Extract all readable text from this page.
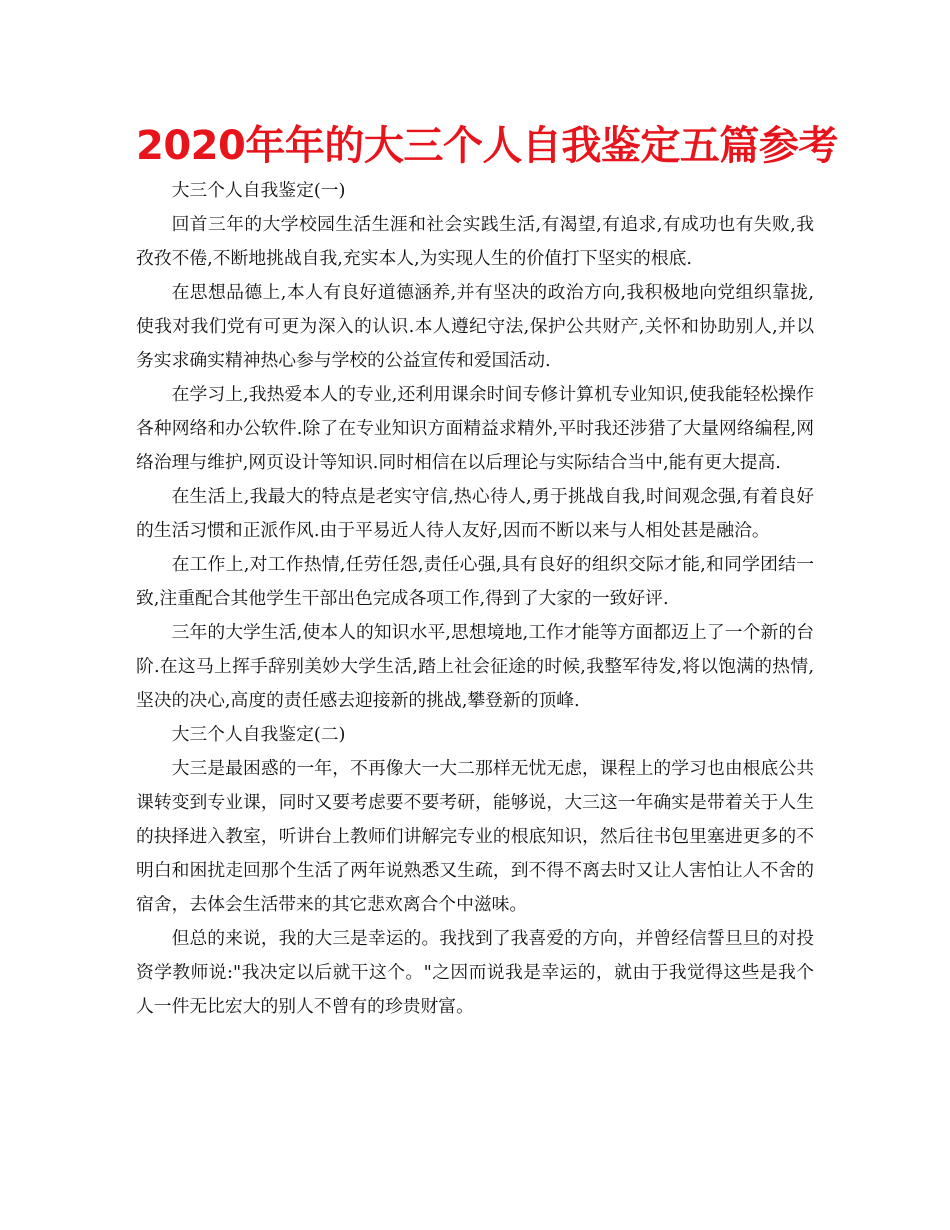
2020年年的大三个人自我鉴定五篇参考

大三个人自我鉴定(一)

回首三年的大学校园生活生涯和社会实践生活,有渴望,有追求,有成功也有失败,我孜孜不倦,不断地挑战自我,充实本人,为实现人生的价值打下坚实的根底.

在思想品德上,本人有良好道德涵养,并有坚决的政治方向,我积极地向党组织靠拢,使我对我们党有可更为深入的认识.本人遵纪守法,保护公共财产,关怀和协助别人,并以务实求确实精神热心参与学校的公益宣传和爱国活动.

在学习上,我热爱本人的专业,还利用课余时间专修计算机专业知识,使我能轻松操作各种网络和办公软件.除了在专业知识方面精益求精外,平时我还涉猎了大量网络编程,网络治理与维护,网页设计等知识.同时相信在以后理论与实际结合当中,能有更大提高.

在生活上,我最大的特点是老实守信,热心待人,勇于挑战自我,时间观念强,有着良好的生活习惯和正派作风.由于平易近人待人友好,因而不断以来与人相处甚是融洽。

在工作上,对工作热情,任劳任怨,责任心强,具有良好的组织交际才能,和同学团结一致,注重配合其他学生干部出色完成各项工作,得到了大家的一致好评.

三年的大学生活,使本人的知识水平,思想境地,工作才能等方面都迈上了一个新的台阶.在这马上挥手辞别美妙大学生活,踏上社会征途的时候,我整军待发,将以饱满的热情,坚决的决心,高度的责任感去迎接新的挑战,攀登新的顶峰.

大三个人自我鉴定(二)

大三是最困惑的一年，不再像大一大二那样无忧无虑，课程上的学习也由根底公共课转变到专业课，同时又要考虑要不要考研，能够说，大三这一年确实是带着关于人生的抉择进入教室，听讲台上教师们讲解完专业的根底知识，然后往书包里塞进更多的不明白和困扰走回那个生活了两年说熟悉又生疏，到不得不离去时又让人害怕让人不舍的宿舍，去体会生活带来的其它悲欢离合个中滋味。

但总的来说，我的大三是幸运的。我找到了我喜爱的方向，并曾经信誓旦旦的对投资学教师说:"我决定以后就干这个。"之因而说我是幸运的，就由于我觉得这些是我个人一件无比宏大的别人不曾有的珍贵财富。
